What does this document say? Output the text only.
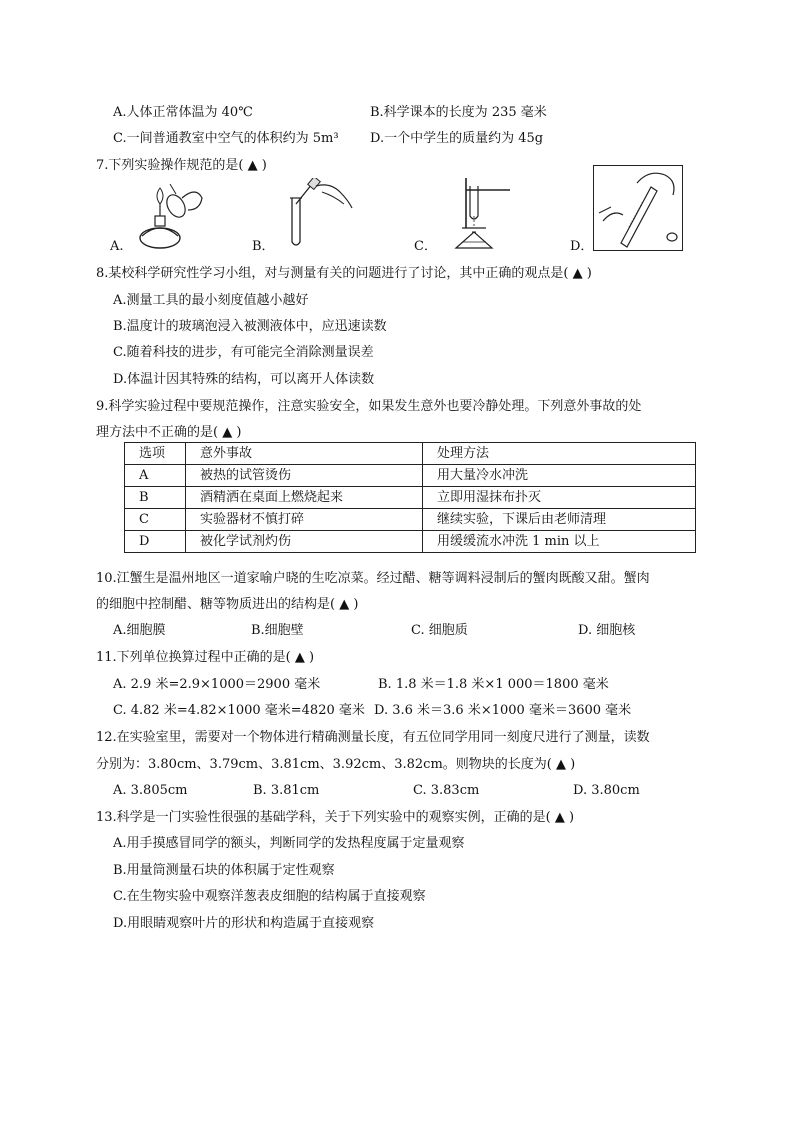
A.人体正常体温为 40℃	B.科学课本的长度为 235 毫米
C.一间普通教室中空气的体积约为 5m³ D.一个中学生的质量约为 45g
7.下列实验操作规范的是( ▲ )
A.	B．	C．	D．
8.某校科学研究性学习小组，对与测量有关的问题进行了讨论，其中正确的观点是( ▲ )
A.测量工具的最小刻度值越小越好
B.温度计的玻璃泡浸入被测液体中，应迅速读数
C.随着科技的进步，有可能完全消除测量误差
D.体温计因其特殊的结构，可以离开人体读数
9.科学实验过程中要规范操作，注意实验安全，如果发生意外也要冷静处理。下列意外事故的处
理方法中不正确的是( ▲ )
选项	意外事故	处理方法
A	被热的试管烫伤	用大量冷水冲洗
B	酒精洒在桌面上燃烧起来	立即用湿抹布扑灭
C	实验器材不慎打碎	继续实验，下课后由老师清理
D	被化学试剂灼伤	用缓缓流水冲洗 1 min 以上
10.江蟹生是温州地区一道家喻户晓的生吃凉菜。经过醋、糖等调料浸制后的蟹肉既酸又甜。蟹肉
的细胞中控制醋、糖等物质进出的结构是( ▲ )
A.细胞膜	B.细胞壁	C. 细胞质	D. 细胞核
11.下列单位换算过程中正确的是( ▲ )
A. 2.9 米=2.9×1000＝2900 毫米	B. 1.8 米＝1.8 米×1 000＝1800 毫米
C. 4.82 米=4.82×1000 毫米=4820 毫米 D. 3.6 米＝3.6 米×1000 毫米＝3600 毫米
12.在实验室里，需要对一个物体进行精确测量长度，有五位同学用同一刻度尺进行了测量，读数
分别为：3.80cm、3.79cm、3.81cm、3.92cm、3.82cm。则物块的长度为( ▲ )
A. 3.805cm	B. 3.81cm	C. 3.83cm	D. 3.80cm
13.科学是一门实验性很强的基础学科，关于下列实验中的观察实例，正确的是( ▲ )
A.用手摸感冒同学的额头，判断同学的发热程度属于定量观察
B.用量筒测量石块的体积属于定性观察
C.在生物实验中观察洋葱表皮细胞的结构属于直接观察
D.用眼睛观察叶片的形状和构造属于直接观察
